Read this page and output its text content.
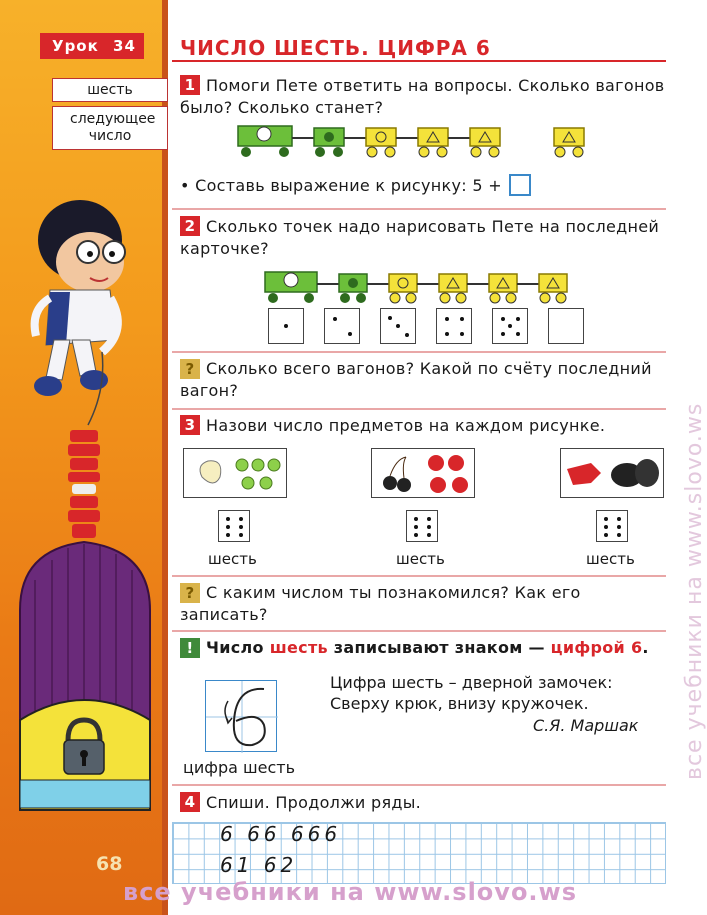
Урок 34
шесть
следующее число
68
ЧИСЛО ШЕСТЬ. ЦИФРА 6
1 Помоги Пете ответить на вопросы. Сколько вагонов было? Сколько станет?
• Составь выражение к рисунку: 5 +
2 Сколько точек надо нарисовать Пете на последней карточке?
? Сколько всего вагонов? Какой по счёту последний вагон?
3 Назови число предметов на каждом рисунке.
шесть	шесть	шесть
? С каким числом ты познакомился? Как его записать?
! Число шесть записывают знаком — цифрой 6.
цифра шесть
Цифра шесть – дверной замочек:
Сверху крюк, внизу кружочек.
С.Я. Маршак
4 Спиши. Продолжи ряды.
6 66 666
61 62
все учебники на www.slovo.ws
все учебники на www.slovo.ws
